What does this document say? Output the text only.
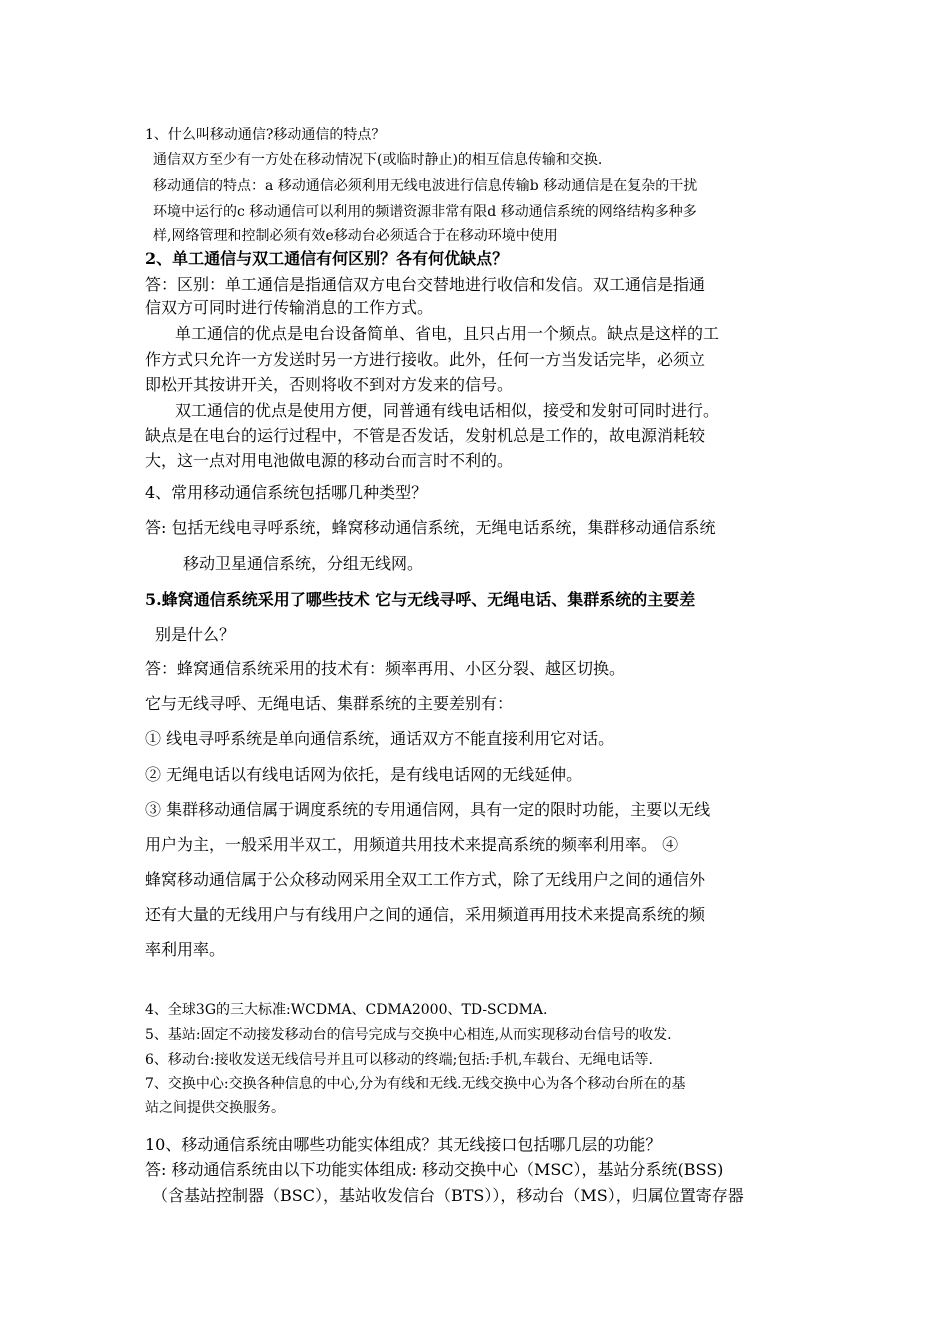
1、什么叫移动通信?移动通信的特点？
通信双方至少有一方处在移动情况下(或临时静止)的相互信息传输和交换.
移动通信的特点：a 移动通信必须利用无线电波进行信息传输b 移动通信是在复杂的干扰
环境中运行的c 移动通信可以利用的频谱资源非常有限d 移动通信系统的网络结构多种多
样,网络管理和控制必须有效e移动台必须适合于在移动环境中使用
2、单工通信与双工通信有何区别？各有何优缺点？
答：区别：单工通信是指通信双方电台交替地进行收信和发信。双工通信是指通
信双方可同时进行传输消息的工作方式。
单工通信的优点是电台设备简单、省电，且只占用一个频点。缺点是这样的工
作方式只允许一方发送时另一方进行接收。此外，任何一方当发话完毕，必须立
即松开其按讲开关，否则将收不到对方发来的信号。
双工通信的优点是使用方便，同普通有线电话相似，接受和发射可同时进行。
缺点是在电台的运行过程中，不管是否发话，发射机总是工作的，故电源消耗较
大，这一点对用电池做电源的移动台而言时不利的。
4、常用移动通信系统包括哪几种类型？
答: 包括无线电寻呼系统，蜂窝移动通信系统，无绳电话系统，集群移动通信系统
移动卫星通信系统，分组无线网。
5.蜂窝通信系统采用了哪些技术 它与无线寻呼、无绳电话、集群系统的主要差
别是什么？
答：蜂窝通信系统采用的技术有：频率再用、小区分裂、越区切换。
它与无线寻呼、无绳电话、集群系统的主要差别有：
① 线电寻呼系统是单向通信系统，通话双方不能直接利用它对话。
② 无绳电话以有线电话网为依托，是有线电话网的无线延伸。
③ 集群移动通信属于调度系统的专用通信网，具有一定的限时功能，主要以无线
用户为主，一般采用半双工，用频道共用技术来提高系统的频率利用率。 ④
蜂窝移动通信属于公众移动网采用全双工工作方式，除了无线用户之间的通信外
还有大量的无线用户与有线用户之间的通信，采用频道再用技术来提高系统的频
率利用率。
4、全球3G的三大标准:WCDMA、CDMA2000、TD-SCDMA.
5、基站:固定不动接发移动台的信号完成与交换中心相连,从而实现移动台信号的收发.
6、移动台:接收发送无线信号并且可以移动的终端;包括:手机,车载台、无绳电话等.
7、交换中心:交换各种信息的中心,分为有线和无线.无线交换中心为各个移动台所在的基
站之间提供交换服务。
10、移动通信系统由哪些功能实体组成？其无线接口包括哪几层的功能？
答: 移动通信系统由以下功能实体组成: 移动交换中心（MSC），基站分系统(BSS)
（含基站控制器（BSC），基站收发信台（BTS）），移动台（MS），归属位置寄存器
